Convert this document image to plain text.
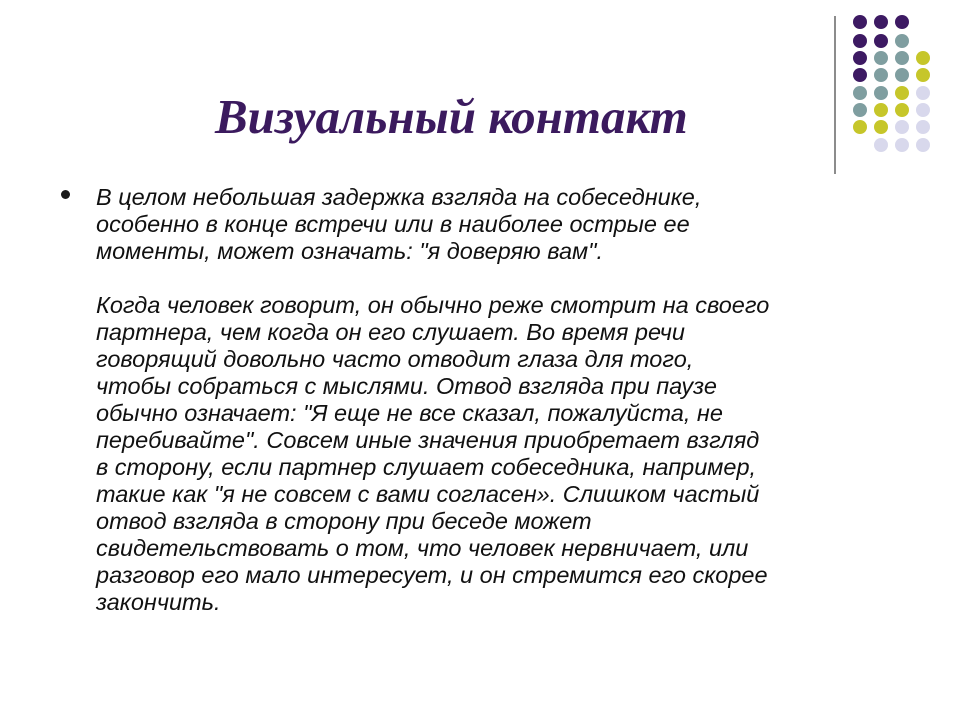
Визуальный контакт
В целом небольшая задержка взгляда на собеседнике,
особенно в конце встречи или в наиболее острые ее
моменты, может означать: "я доверяю вам".
Когда человек говорит, он обычно реже смотрит на своего
партнера, чем когда он его слушает. Во время речи
говорящий довольно часто отводит глаза для того,
чтобы собраться с мыслями. Отвод взгляда при паузе
обычно означает: "Я еще не все сказал, пожалуйста, не
перебивайте". Совсем иные значения приобретает взгляд
в сторону, если партнер слушает собеседника, например,
такие как "я не совсем с вами согласен». Слишком частый
отвод взгляда в сторону при беседе может
свидетельствовать о том, что человек нервничает, или
разговор его мало интересует, и он стремится его скорее
закончить.
